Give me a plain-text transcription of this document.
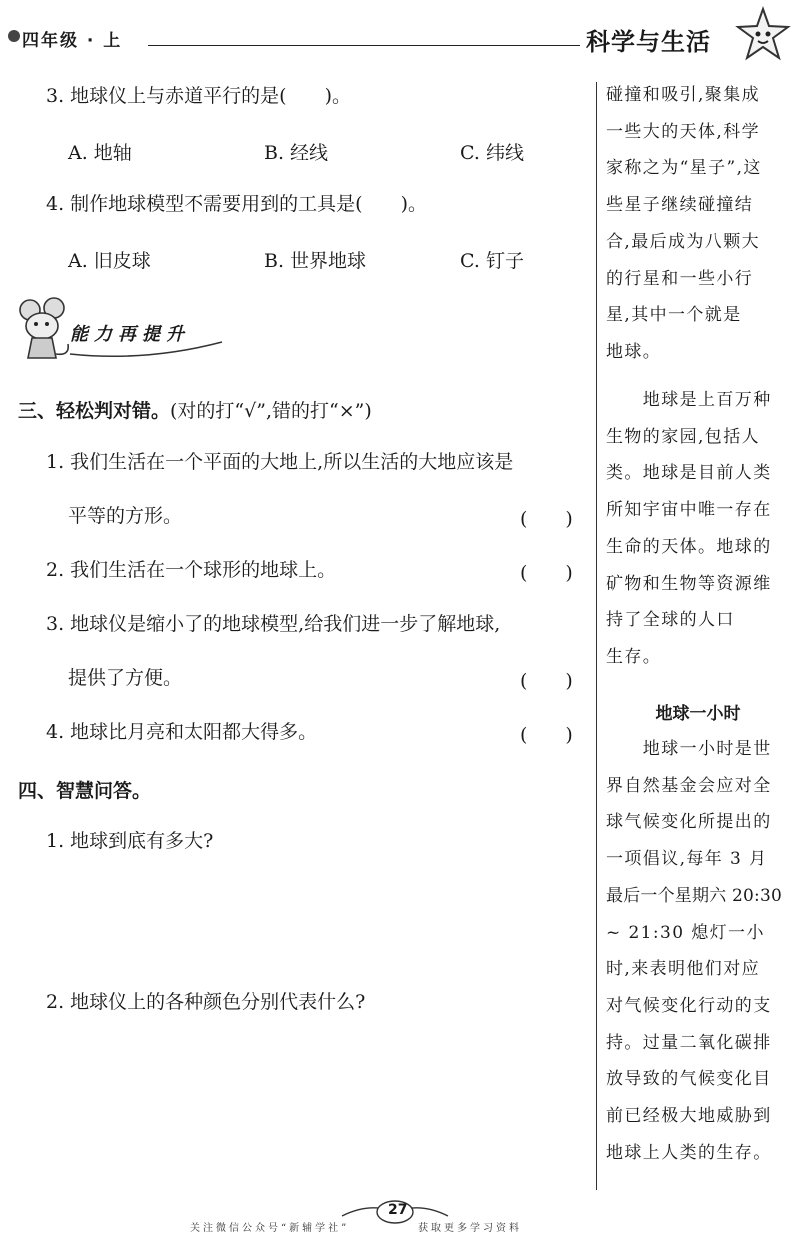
四年级 · 上	科学与生活
3. 地球仪上与赤道平行的是(　　)。
A. 地轴	B. 经线	C. 纬线
4. 制作地球模型不需要用到的工具是(　　)。
A. 旧皮球	B. 世界地球	C. 钉子
能力再提升
三、轻松判对错。(对的打“√”,错的打“×”)
1. 我们生活在一个平面的大地上,所以生活的大地应该是
平等的方形。	(　　)
2. 我们生活在一个球形的地球上。	(　　)
3. 地球仪是缩小了的地球模型,给我们进一步了解地球,
提供了方便。	(　　)
4. 地球比月亮和太阳都大得多。	(　　)
四、智慧问答。
1. 地球到底有多大?
2. 地球仪上的各种颜色分别代表什么?
碰撞和吸引,聚集成
一些大的天体,科学
家称之为“星子”,这
些星子继续碰撞结
合,最后成为八颗大
的行星和一些小行
星,其中一个就是
地球。
　　地球是上百万种
生物的家园,包括人
类。地球是目前人类
所知宇宙中唯一存在
生命的天体。地球的
矿物和生物等资源维
持了全球的人口
生存。
地球一小时
　　地球一小时是世
界自然基金会应对全
球气候变化所提出的
一项倡议,每年 3 月
最后一个星期六 20:30
~ 21:30 熄灯一小
时,来表明他们对应
对气候变化行动的支
持。过量二氧化碳排
放导致的气候变化目
前已经极大地威胁到
地球上人类的生存。
关注微信公众号“新辅学社”
27
获取更多学习资料
